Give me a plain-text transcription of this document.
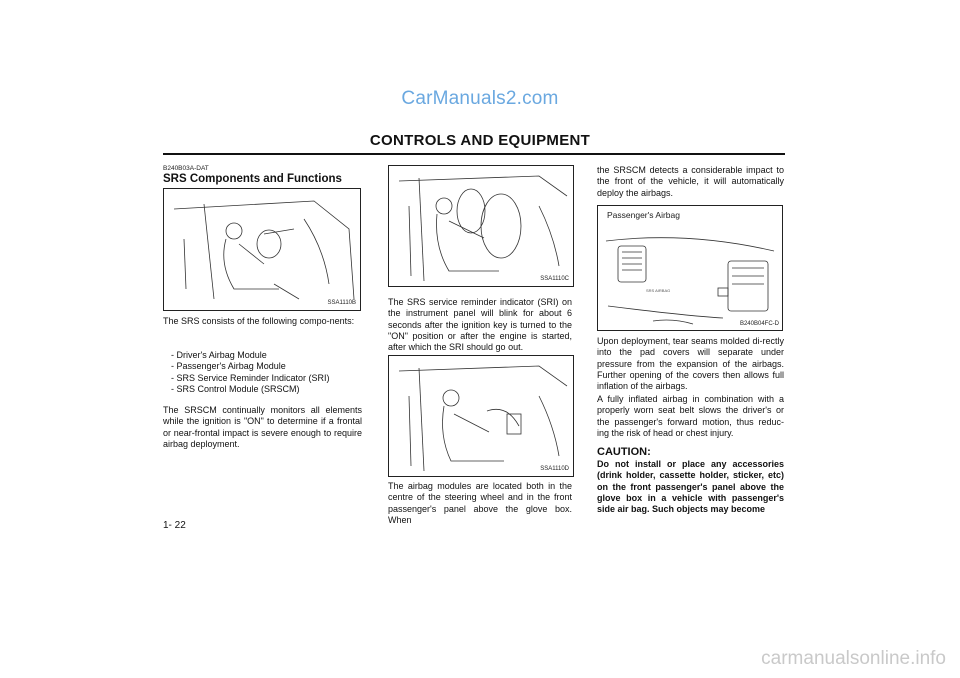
CarManuals2.com
CONTROLS AND EQUIPMENT
B240B03A-DAT
SRS Components and Functions
SSA1110B
The SRS consists of the following compo-nents:
- Driver's Airbag Module
- Passenger's Airbag Module
- SRS Service Reminder Indicator (SRI)
- SRS Control Module (SRSCM)
The SRSCM continually monitors all elements while the ignition is "ON" to determine if a frontal or near-frontal impact is severe enough to require airbag deployment.
SSA1110C
The SRS service reminder indicator (SRI) on the instrument panel will blink for about 6 seconds after the ignition key is turned to the "ON" position or after the engine is started, after which the SRI should go out.
SSA1110D
The airbag modules are located both in the centre of the steering wheel and in the front passenger's panel above the glove box. When
the SRSCM detects a considerable impact to the front of the vehicle, it will automatically deploy the airbags.
Passenger's Airbag
SRS AIRBAG
B240B04FC-D
Upon deployment, tear seams molded di-rectly into the pad covers will separate under pressure from the expansion of the airbags. Further opening of the covers then allows full inflation of the airbags.
A fully inflated airbag in combination with a properly worn seat belt slows the driver's or the passenger's forward motion, thus reduc-ing the risk of head or chest injury.
CAUTION:
Do not install or place any accessories (drink holder, cassette holder, sticker, etc) on the front passenger's panel above the glove box in a vehicle with passenger's side air bag. Such objects may become
1- 22
carmanualsonline.info
